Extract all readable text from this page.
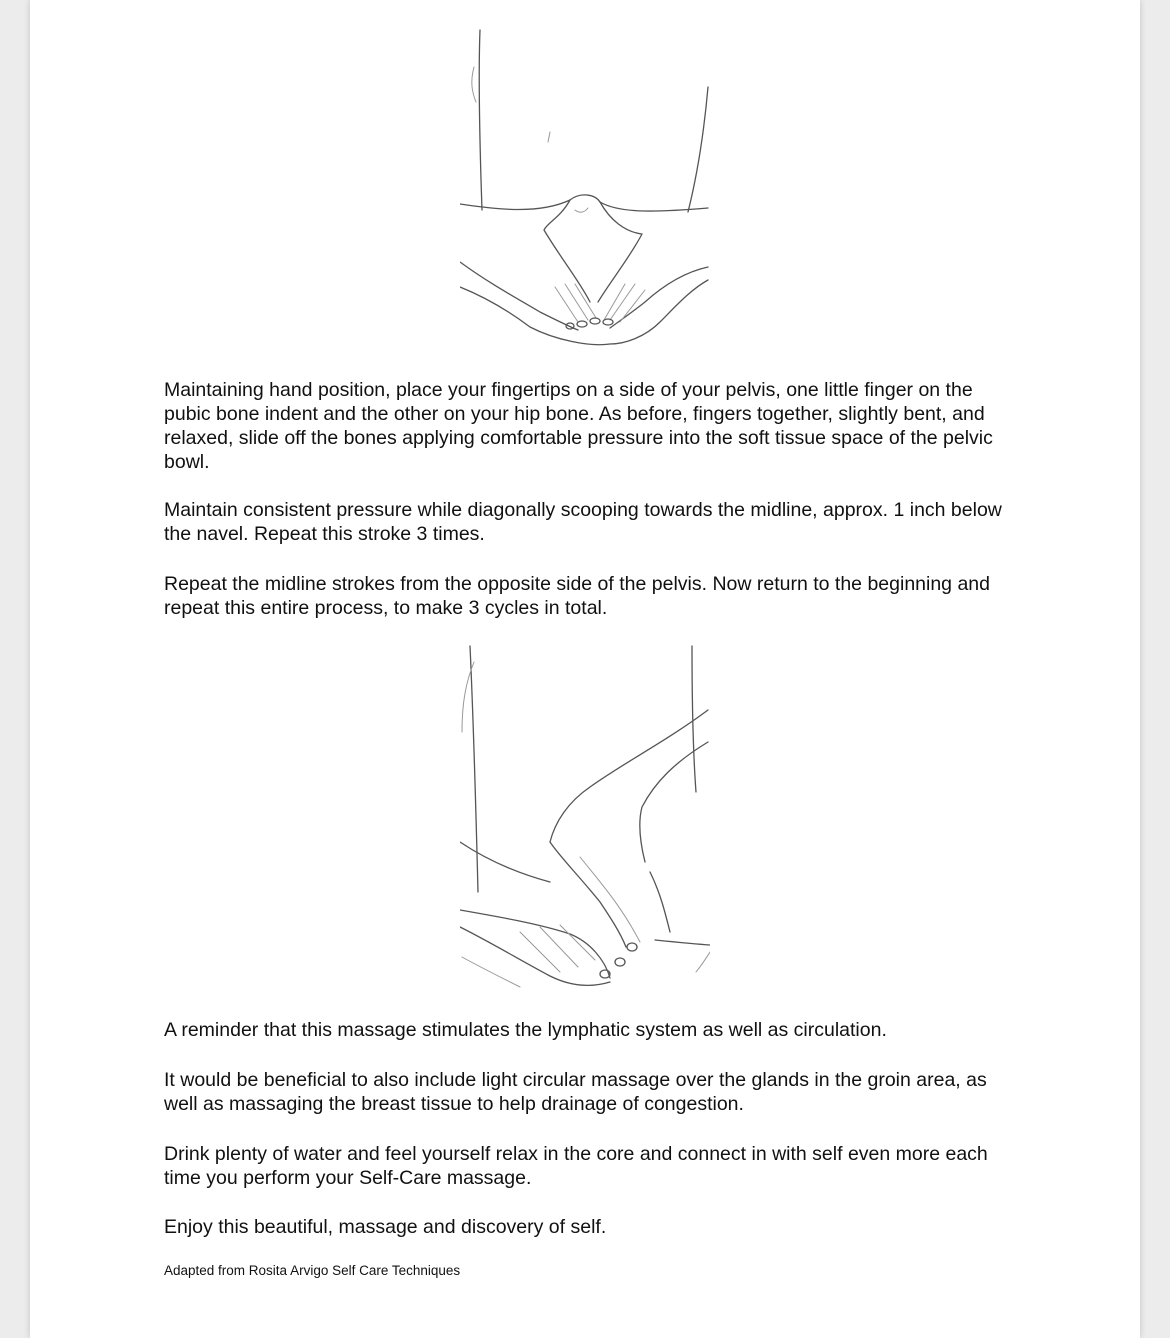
Maintaining hand position, place your fingertips on a side of your pelvis, one little finger on the pubic bone indent and the other on your hip bone. As before, fingers together, slightly bent, and relaxed, slide off the bones applying comfortable pressure into the soft tissue space of the pelvic bowl.

Maintain consistent pressure while diagonally scooping towards the midline, approx. 1 inch below the navel. Repeat this stroke 3 times.

Repeat the midline strokes from the opposite side of the pelvis. Now return to the beginning and repeat this entire process, to make 3 cycles in total.

A reminder that this massage stimulates the lymphatic system as well as circulation.

It would be beneficial to also include light circular massage over the glands in the groin area, as well as massaging the breast tissue to help drainage of congestion.

Drink plenty of water and feel yourself relax in the core and connect in with self even more each time you perform your Self-Care massage.

Enjoy this beautiful, massage and discovery of self.

Adapted from Rosita Arvigo Self Care Techniques
